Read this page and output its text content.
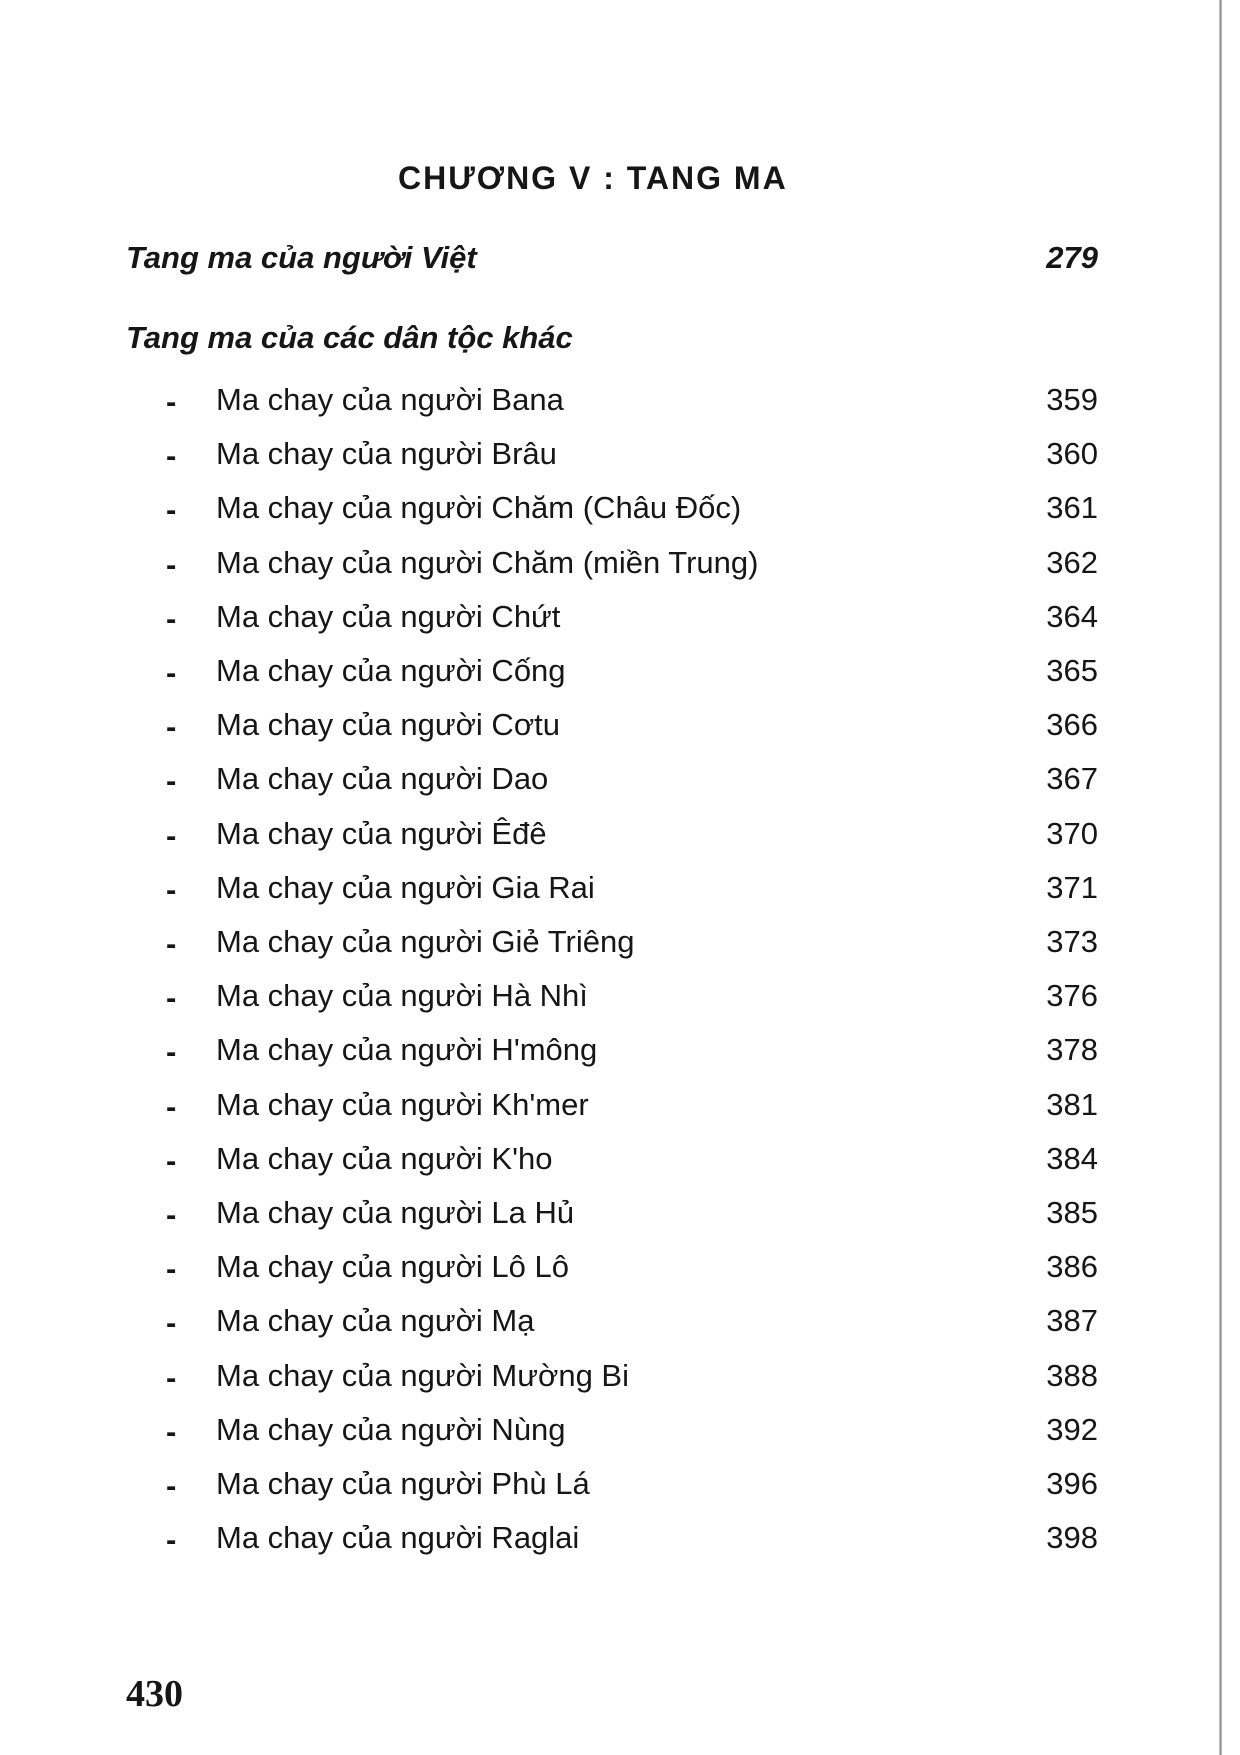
CHƯƠNG V : TANG MA
Tang ma của người Việt	279
Tang ma của các dân tộc khác
- Ma chay của người Bana	359
- Ma chay của người Brâu	360
- Ma chay của người Chăm (Châu Đốc)	361
- Ma chay của người Chăm (miền Trung)	362
- Ma chay của người Chứt	364
- Ma chay của người Cống	365
- Ma chay của người Cơtu	366
- Ma chay của người Dao	367
- Ma chay của người Êđê	370
- Ma chay của người Gia Rai	371
- Ma chay của người Giẻ Triêng	373
- Ma chay của người Hà Nhì	376
- Ma chay của người H'mông	378
- Ma chay của người Kh'mer	381
- Ma chay của người K'ho	384
- Ma chay của người La Hủ	385
- Ma chay của người Lô Lô	386
- Ma chay của người Mạ	387
- Ma chay của người Mường Bi	388
- Ma chay của người Nùng	392
- Ma chay của người Phù Lá	396
- Ma chay của người Raglai	398
430
